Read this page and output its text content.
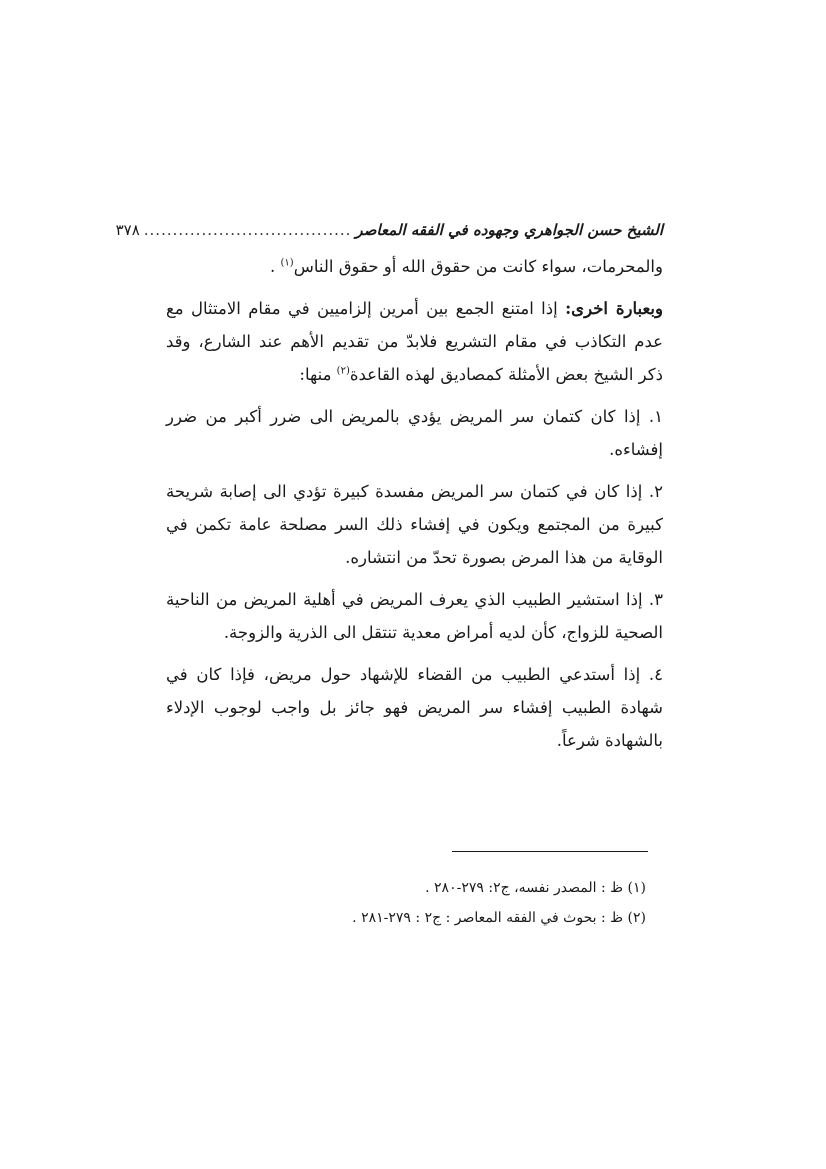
الشيخ حسن الجواهري وجهوده في الفقه المعاصر
....................................
٣٧٨

والمحرمات، سواء كانت من حقوق الله أو حقوق الناس$^{(١)}$ .

وبعبارة اخرى: إذا امتنع الجمع بين أمرين إلزاميين في مقام الامتثال مع عدم التكاذب في مقام التشريع فلابدّ من تقديم الأهم عند الشارع، وقد ذكر الشيخ بعض الأمثلة كمصاديق لهذه القاعدة$^{(٢)}$ منها:

١. إذا كان كتمان سر المريض يؤدي بالمريض الى ضرر أكبر من ضرر إفشاءه.

٢. إذا كان في كتمان سر المريض مفسدة كبيرة تؤدي الى إصابة شريحة كبيرة من المجتمع ويكون في إفشاء ذلك السر مصلحة عامة تكمن في الوقاية من هذا المرض بصورة تحدّ من انتشاره.

٣. إذا استشير الطبيب الذي يعرف المريض في أهلية المريض من الناحية الصحية للزواج، كأن لديه أمراض معدية تنتقل الى الذرية والزوجة.

٤. إذا أستدعي الطبيب من القضاء للإشهاد حول مريض، فإذا كان في شهادة الطبيب إفشاء سر المريض فهو جائز بل واجب لوجوب الإدلاء بالشهادة شرعاً.

(١) ظ : المصدر نفسه، ج٢: ٢٧٩-٢٨٠ .

(٢) ظ : بحوث في الفقه المعاصر : ج٢ : ٢٧٩-٢٨١ .
